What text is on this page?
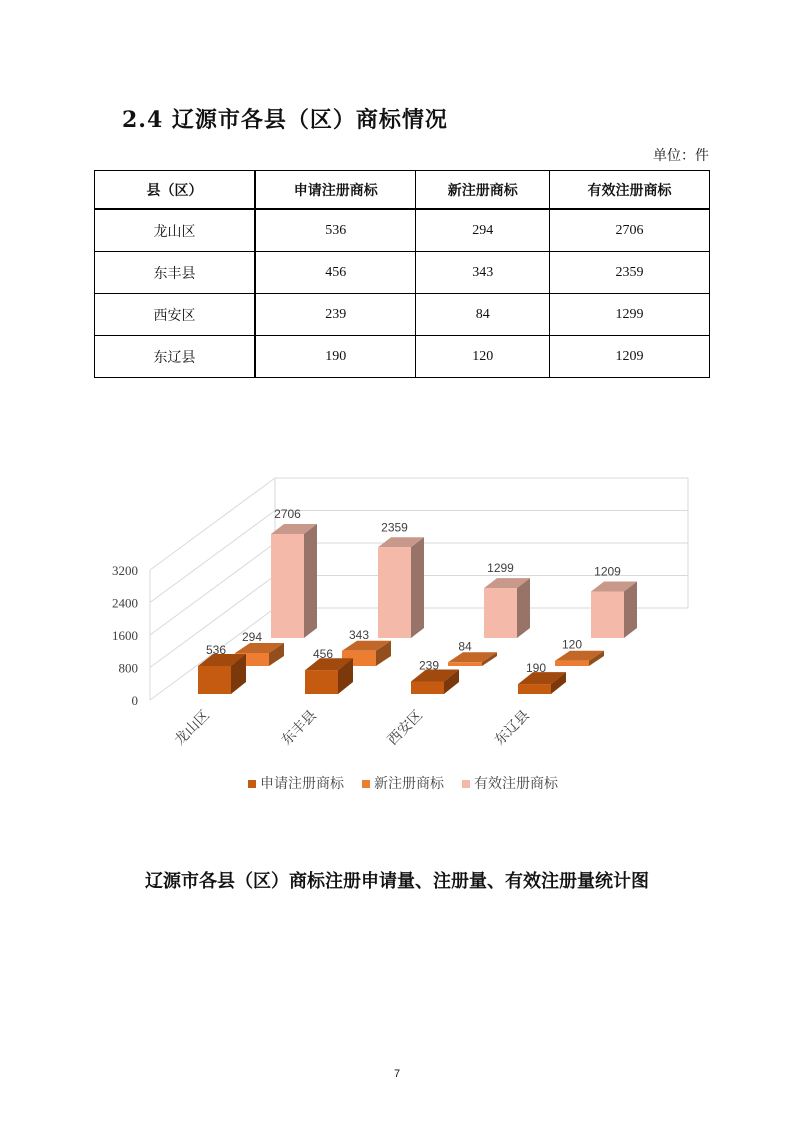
2.4 辽源市各县（区）商标情况
单位：件
县（区）	申请注册商标	新注册商标	有效注册商标
龙山区	536	294	2706
东丰县	456	343	2359
西安区	239	84	1299
东辽县	190	120	1209
0
800
1600
2400
3200
龙山区	东丰县	西安区	东辽县
2706
2359
1299	1209
294	343
84	120
536	456
239	190
申请注册商标 新注册商标 有效注册商标
辽源市各县（区）商标注册申请量、注册量、有效注册量统计图
7
